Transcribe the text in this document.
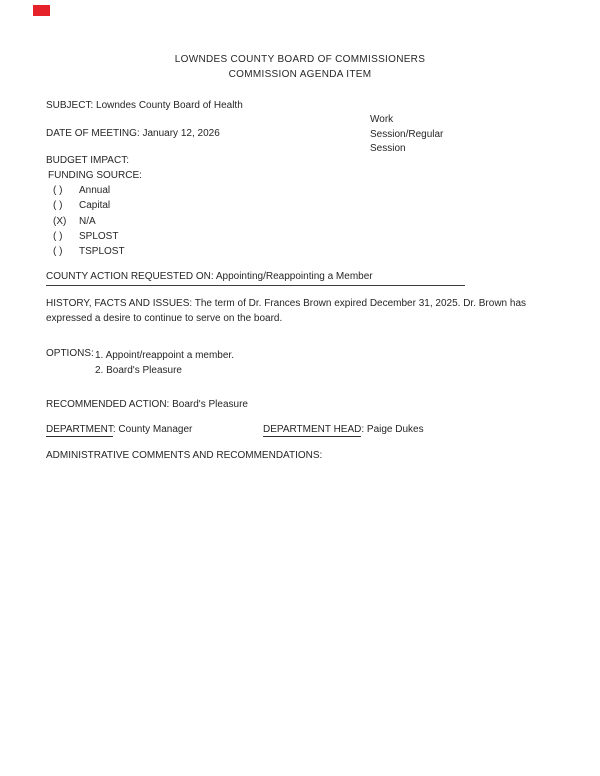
LOWNDES COUNTY BOARD OF COMMISSIONERS
COMMISSION AGENDA ITEM
SUBJECT: Lowndes County Board of Health
Work
Session/Regular
Session
DATE OF MEETING: January 12, 2026
BUDGET IMPACT:
FUNDING SOURCE:
( ) Annual
( ) Capital
(X) N/A
( ) SPLOST
( ) TSPLOST
COUNTY ACTION REQUESTED ON: Appointing/Reappointing a Member
HISTORY, FACTS AND ISSUES: The term of Dr. Frances Brown expired December 31, 2025. Dr. Brown has
expressed a desire to continue to serve on the board.
OPTIONS: 1. Appoint/reappoint a member.
2. Board's Pleasure
RECOMMENDED ACTION: Board's Pleasure
DEPARTMENT: County Manager	DEPARTMENT HEAD: Paige Dukes
ADMINISTRATIVE COMMENTS AND RECOMMENDATIONS:
